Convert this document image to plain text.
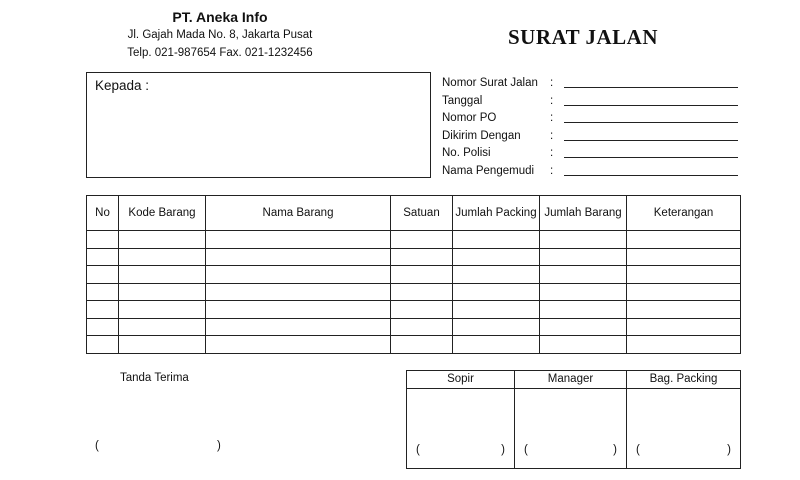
PT. Aneka Info
Jl. Gajah Mada No. 8, Jakarta Pusat
Telp. 021-987654 Fax. 021-1232456
SURAT JALAN
Kepada :	Nomor Surat Jalan :
Tanggal	:
Nomor PO	:
Dikirim Dengan	:
No. Polisi	:
Nama Pengemudi :
No	Kode Barang	Nama Barang	Satuan	Jumlah Packing	Jumlah Barang	Keterangan

Tanda Terima
(	)
Sopir	Manager	Bag. Packing

( )	( )	( )
